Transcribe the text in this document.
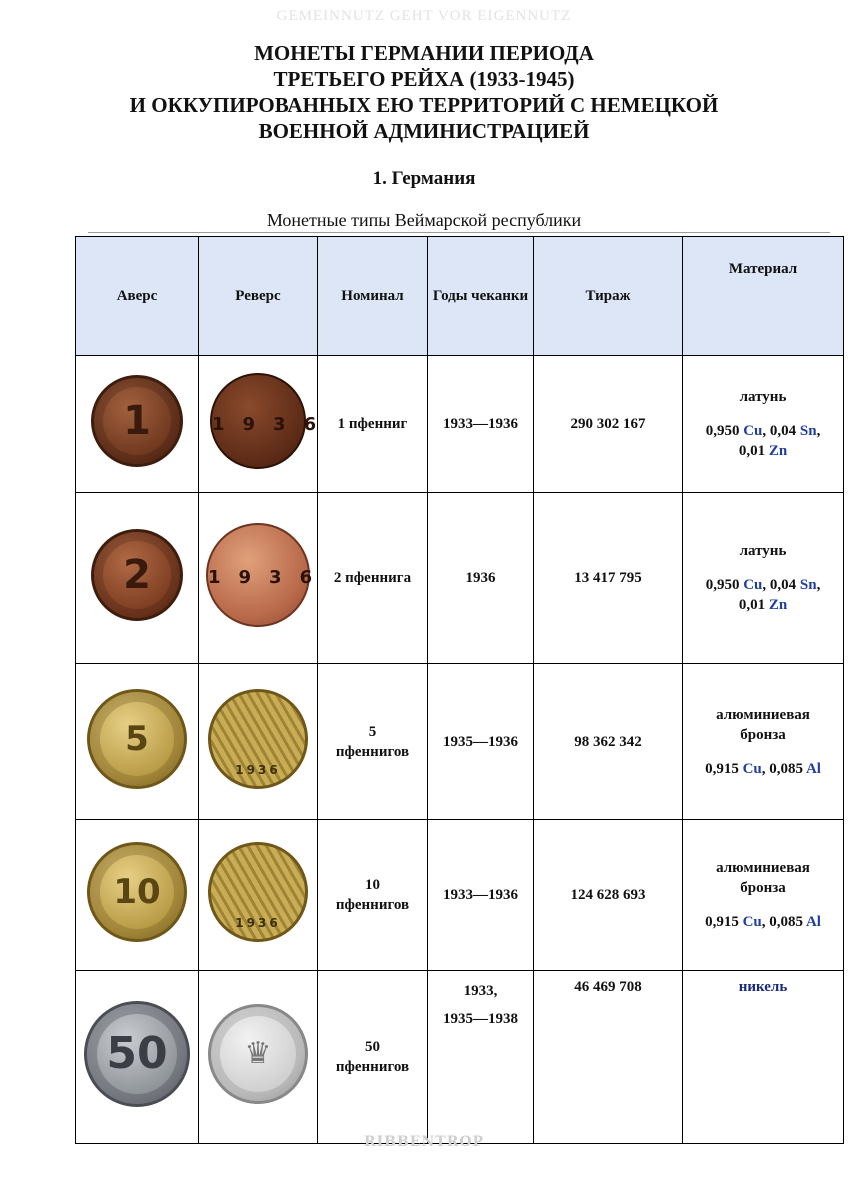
GEMEINNUTZ GEHT VOR EIGENNUTZ
МОНЕТЫ ГЕРМАНИИ ПЕРИОДА
ТРЕТЬЕГО РЕЙХА (1933-1945)
И ОККУПИРОВАННЫХ ЕЮ ТЕРРИТОРИЙ С НЕМЕЦКОЙ
ВОЕННОЙ АДМИНИСТРАЦИЕЙ
1. Германия
Монетные типы Веймарской республики
Аверс	Реверс	Номинал	Годы чеканки	Тираж	Материал

1	1936	1 пфенниг	1933—1936	290 302 167	латунь
0,950 Cu, 0,04 Sn,
0,01 Zn

2	1936	2 пфеннига	1936	13 417 795	латунь
0,950 Cu, 0,04 Sn,
0,01 Zn

5	1936	5
пфеннигов	1935—1936	98 362 342	алюминиевая

бронза
0,915 Cu, 0,085 Al

10	1936	10
пфеннигов	1933—1936	124 628 693	алюминиевая

бронза
0,915 Cu, 0,085 Al

50	♛	50
пфеннигов	1933,
1935—1938	46 469 708	никель
RIBBENTROP
